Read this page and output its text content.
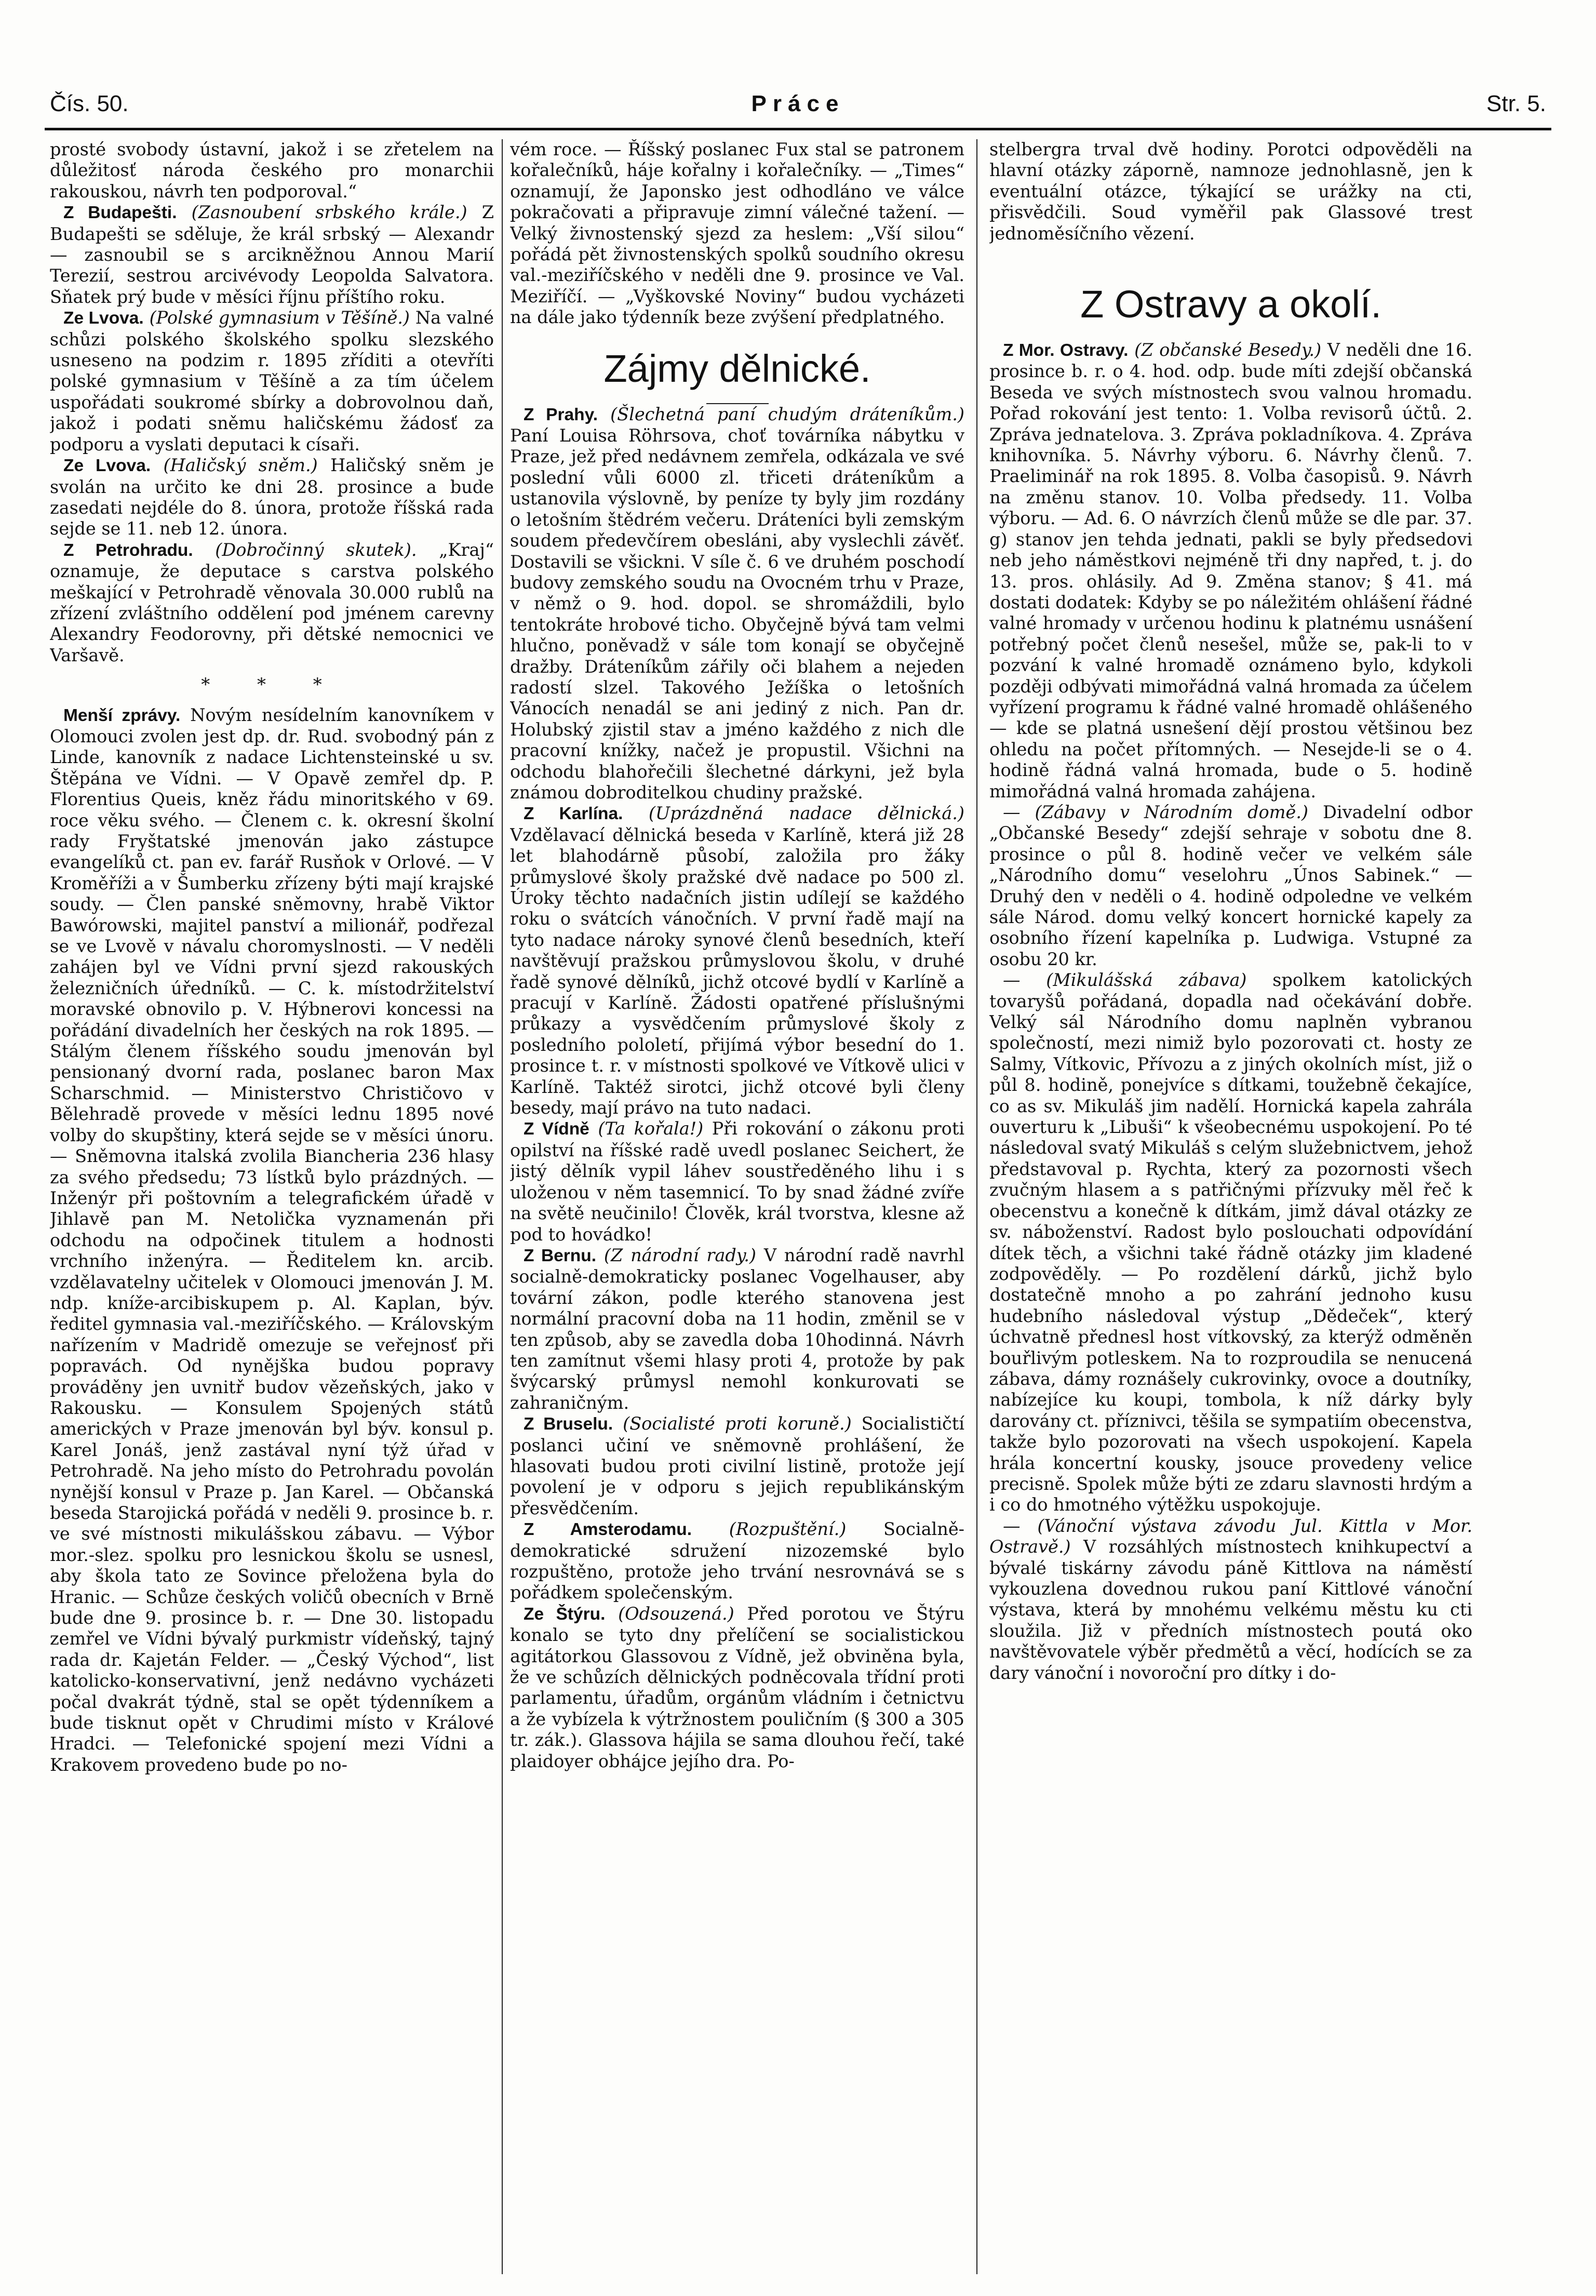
Čís. 50.	Práce	Str. 5.

prosté svobody ústavní, jakož i se zřetelem na důležitosť národa českého pro monarchii rakouskou, návrh ten podporoval.“

Z Budapešti. (Zasnoubení srbského krále.) Z Budapešti se sděluje, že král srbský — Alexandr — zasnoubil se s arcikněžnou Annou Marií Terezií, sestrou arcivévody Leopolda Salvatora. Sňatek prý bude v měsíci říjnu příštího roku.

Ze Lvova. (Polské gymnasium v Těšíně.) Na valné schůzi polského školského spolku slezského usneseno na podzim r. 1895 zříditi a otevříti polské gymnasium v Těšíně a za tím účelem uspořádati soukromé sbírky a dobrovolnou daň, jakož i podati sněmu haličskému žádosť za podporu a vyslati deputaci k císaři.

Ze Lvova. (Haličský sněm.) Haličský sněm je svolán na určito ke dni 28. prosince a bude zasedati nejdéle do 8. února, protože říšská rada sejde se 11. neb 12. února.

Z Petrohradu. (Dobročinný skutek). „Kraj“ oznamuje, že deputace s carstva polského meškající v Petrohradě věnovala 30.000 rublů na zřízení zvláštního oddělení pod jménem carevny Alexandry Feodorovny, při dětské nemocnici ve Varšavě.

* * *

Menší zprávy. Novým nesídelním kanovníkem v Olomouci zvolen jest dp. dr. Rud. svobodný pán z Linde, kanovník z nadace Lichtensteinské u sv. Štěpána ve Vídni. — V Opavě zemřel dp. P. Florentius Queis, kněz řádu minoritského v 69. roce věku svého. — Členem c. k. okresní školní rady Fryštatské jmenován jako zástupce evangelíků ct. pan ev. farář Rusňok v Orlové. — V Kroměříži a v Šumberku zřízeny býti mají krajské soudy. — Člen panské sněmovny, hrabě Viktor Bawórowski, majitel panství a milionář, podřezal se ve Lvově v návalu choromyslnosti. — V neděli zahájen byl ve Vídni první sjezd rakouských železničních úředníků. — C. k. místodržitelství moravské obnovilo p. V. Hýbnerovi koncessi na pořádání divadelních her českých na rok 1895. — Stálým členem říšského soudu jmenován byl pensionaný dvorní rada, poslanec baron Max Scharschmid. — Ministerstvo Christičovo v Bělehradě provede v měsíci lednu 1895 nové volby do skupštiny, která sejde se v měsíci únoru. — Sněmovna italská zvolila Biancheria 236 hlasy za svého předsedu; 73 lístků bylo prázdných. — Inženýr při poštovním a telegrafickém úřadě v Jihlavě pan M. Netolička vyznamenán při odchodu na odpočinek titulem a hodnosti vrchního inženýra. — Ředitelem kn. arcib. vzdělavatelny učitelek v Olomouci jmenován J. M. ndp. kníže-arcibiskupem p. Al. Kaplan, býv. ředitel gymnasia val.-meziříčského. — Královským nařízením v Madridě omezuje se veřejnosť při popravách. Od nynějška budou popravy prováděny jen uvnitř budov vězeňských, jako v Rakousku. — Konsulem Spojených států amerických v Praze jmenován byl býv. konsul p. Karel Jonáš, jenž zastával nyní týž úřad v Petrohradě. Na jeho místo do Petrohradu povolán nynější konsul v Praze p. Jan Karel. — Občanská beseda Starojická pořádá v neděli 9. prosince b. r. ve své místnosti mikulášskou zábavu. — Výbor mor.-slez. spolku pro lesnickou školu se usnesl, aby škola tato ze Sovince přeložena byla do Hranic. — Schůze českých voličů obecních v Brně bude dne 9. prosince b. r. — Dne 30. listopadu zemřel ve Vídni bývalý purkmistr vídeňský, tajný rada dr. Kajetán Felder. — „Český Východ“, list katolicko-konservativní, jenž nedávno vycházeti počal dvakrát týdně, stal se opět týdenníkem a bude tisknut opět v Chrudimi místo v Králové Hradci. — Telefonické spojení mezi Vídni a Krakovem provedeno bude po no-

vém roce. — Říšský poslanec Fux stal se patronem kořalečníků, háje kořalny i kořalečníky. — „Times“ oznamují, že Japonsko jest odhodláno ve válce pokračovati a připravuje zimní válečné tažení. — Velký živnostenský sjezd za heslem: „Vší silou“ pořádá pět živnostenských spolků soudního okresu val.-meziříčského v neděli dne 9. prosince ve Val. Meziříčí. — „Vyškovské Noviny“ budou vycházeti na dále jako týdenník beze zvýšení předplatného.

Zájmy dělnické.

Z Prahy. (Šlechetná paní chudým dráteníkům.) Paní Louisa Röhrsova, choť továrníka nábytku v Praze, jež před nedávnem zemřela, odkázala ve své poslední vůli 6000 zl. třiceti dráteníkům a ustanovila výslovně, by peníze ty byly jim rozdány o letošním štědrém večeru. Dráteníci byli zemským soudem předevčírem obesláni, aby vyslechli závěť. Dostavili se všickni. V síle č. 6 ve druhém poschodí budovy zemského soudu na Ovocném trhu v Praze, v němž o 9. hod. dopol. se shromáždili, bylo tentokráte hrobové ticho. Obyčejně bývá tam velmi hlučno, poněvadž v sále tom konají se obyčejně dražby. Dráteníkům zářily oči blahem a nejeden radostí slzel. Takového Ježíška o letošních Vánocích nenadál se ani jediný z nich. Pan dr. Holubský zjistil stav a jméno každého z nich dle pracovní knížky, načež je propustil. Všichni na odchodu blahořečili šlechetné dárkyni, jež byla známou dobroditelkou chudiny pražské.

Z Karlína. (Uprázdněná nadace dělnická.) Vzdělavací dělnická beseda v Karlíně, která již 28 let blahodárně působí, založila pro žáky průmyslové školy pražské dvě nadace po 500 zl. Úroky těchto nadačních jistin udílejí se každého roku o svátcích vánočních. V první řadě mají na tyto nadace nároky synové členů besedních, kteří navštěvují pražskou průmyslovou školu, v druhé řadě synové dělníků, jichž otcové bydlí v Karlíně a pracují v Karlíně. Žádosti opatřené příslušnými průkazy a vysvědčením průmyslové školy z posledního pololetí, přijímá výbor besední do 1. prosince t. r. v místnosti spolkové ve Vítkově ulici v Karlíně. Taktéž sirotci, jichž otcové byli členy besedy, mají právo na tuto nadaci.

Z Vídně (Ta kořala!) Při rokování o zákonu proti opilství na říšské radě uvedl poslanec Seichert, že jistý dělník vypil láhev soustředěného lihu i s uloženou v něm tasemnicí. To by snad žádné zvíře na světě neučinilo! Člověk, král tvorstva, klesne až pod to hovádko!

Z Bernu. (Z národní rady.) V národní radě navrhl socialně-demokraticky poslanec Vogelhauser, aby tovární zákon, podle kterého stanovena jest normální pracovní doba na 11 hodin, změnil se v ten způsob, aby se zavedla doba 10hodinná. Návrh ten zamítnut všemi hlasy proti 4, protože by pak švýcarský průmysl nemohl konkurovati se zahraničným.

Z Bruselu. (Socialisté proti koruně.) Socialističtí poslanci učiní ve sněmovně prohlášení, že hlasovati budou proti civilní listině, protože její povolení je v odporu s jejich republikánským přesvědčením.

Z Amsterodamu. (Rozpuštění.) Socialně-demokratické sdružení nizozemské bylo rozpuštěno, protože jeho trvání nesrovnává se s pořádkem společenským.

Ze Štýru. (Odsouzená.) Před porotou ve Štýru konalo se tyto dny přelíčení se socialistickou agitátorkou Glassovou z Vídně, jež obviněna byla, že ve schůzích dělnických podněcovala třídní proti parlamentu, úřadům, orgánům vládním i četnictvu a že vybízela k výtržnostem pouličním (§ 300 a 305 tr. zák.). Glassova hájila se sama dlouhou řečí, také plaidoyer obhájce jejího dra. Po-

stelbergra trval dvě hodiny. Porotci odpověděli na hlavní otázky záporně, namnoze jednohlasně, jen k eventuální otázce, týkající se urážky na cti, přisvědčili. Soud vyměřil pak Glassové trest jednoměsíčního vězení.

Z Ostravy a okolí.

Z Mor. Ostravy. (Z občanské Besedy.) V neděli dne 16. prosince b. r. o 4. hod. odp. bude míti zdejší občanská Beseda ve svých místnostech svou valnou hromadu. Pořad rokování jest tento: 1. Volba revisorů účtů. 2. Zpráva jednatelova. 3. Zpráva pokladníkova. 4. Zpráva knihovníka. 5. Návrhy výboru. 6. Návrhy členů. 7. Praeliminář na rok 1895. 8. Volba časopisů. 9. Návrh na změnu stanov. 10. Volba předsedy. 11. Volba výboru. — Ad. 6. O návrzích členů může se dle par. 37. g) stanov jen tehda jednati, pakli se byly předsedovi neb jeho náměstkovi nejméně tři dny napřed, t. j. do 13. pros. ohlásily. Ad 9. Změna stanov; § 41. má dostati dodatek: Kdyby se po náležitém ohlášení řádné valné hromady v určenou hodinu k platnému usnášení potřebný počet členů nesešel, může se, pak-li to v pozvání k valné hromadě oznámeno bylo, kdykoli později odbývati mimořádná valná hromada za účelem vyřízení programu k řádné valné hromadě ohlášeného — kde se platná usnešení dějí prostou většinou bez ohledu na počet přítomných. — Nesejde-li se o 4. hodině řádná valná hromada, bude o 5. hodině mimořádná valná hromada zahájena.

— (Zábavy v Národním domě.) Divadelní odbor „Občanské Besedy“ zdejší sehraje v sobotu dne 8. prosince o půl 8. hodině večer ve velkém sále „Národního domu“ veselohru „Únos Sabinek.“ — Druhý den v neděli o 4. hodině odpoledne ve velkém sále Národ. domu velký koncert hornické kapely za osobního řízení kapelníka p. Ludwiga. Vstupné za osobu 20 kr.

— (Mikulášská zábava) spolkem katolických tovaryšů pořádaná, dopadla nad očekávání dobře. Velký sál Národního domu naplněn vybranou společností, mezi nimiž bylo pozorovati ct. hosty ze Salmy, Vítkovic, Přívozu a z jiných okolních míst, již o půl 8. hodině, ponejvíce s dítkami, toužebně čekajíce, co as sv. Mikuláš jim nadělí. Hornická kapela zahrála ouverturu k „Libuši“ k všeobecnému uspokojení. Po té následoval svatý Mikuláš s celým služebnictvem, jehož představoval p. Rychta, který za pozornosti všech zvučným hlasem a s patřičnými přízvuky měl řeč k obecenstvu a konečně k dítkám, jimž dával otázky ze sv. náboženství. Radost bylo poslouchati odpovídání dítek těch, a všichni také řádně otázky jim kladené zodpověděly. — Po rozdělení dárků, jichž bylo dostatečně mnoho a po zahrání jednoho kusu hudebního následoval výstup „Dědeček“, který úchvatně přednesl host vítkovský, za kterýž odměněn bouřlivým potleskem. Na to rozproudila se nenucená zábava, dámy roznášely cukrovinky, ovoce a doutníky, nabízejíce ku koupi, tombola, k níž dárky byly darovány ct. příznivci, těšila se sympatiím obecenstva, takže bylo pozorovati na všech uspokojení. Kapela hrála koncertní kousky, jsouce provedeny velice precisně. Spolek může býti ze zdaru slavnosti hrdým a i co do hmotného výtěžku uspokojuje.

— (Vánoční výstava závodu Jul. Kittla v Mor. Ostravě.) V rozsáhlých místnostech knihkupectví a bývalé tiskárny závodu páně Kittlova na náměstí vykouzlena dovednou rukou paní Kittlové vánoční výstava, která by mnohému velkému městu ku cti sloužila. Již v předních místnostech poutá oko navštěvovatele výběr předmětů a věcí, hodících se za dary vánoční i novoroční pro dítky i do-
